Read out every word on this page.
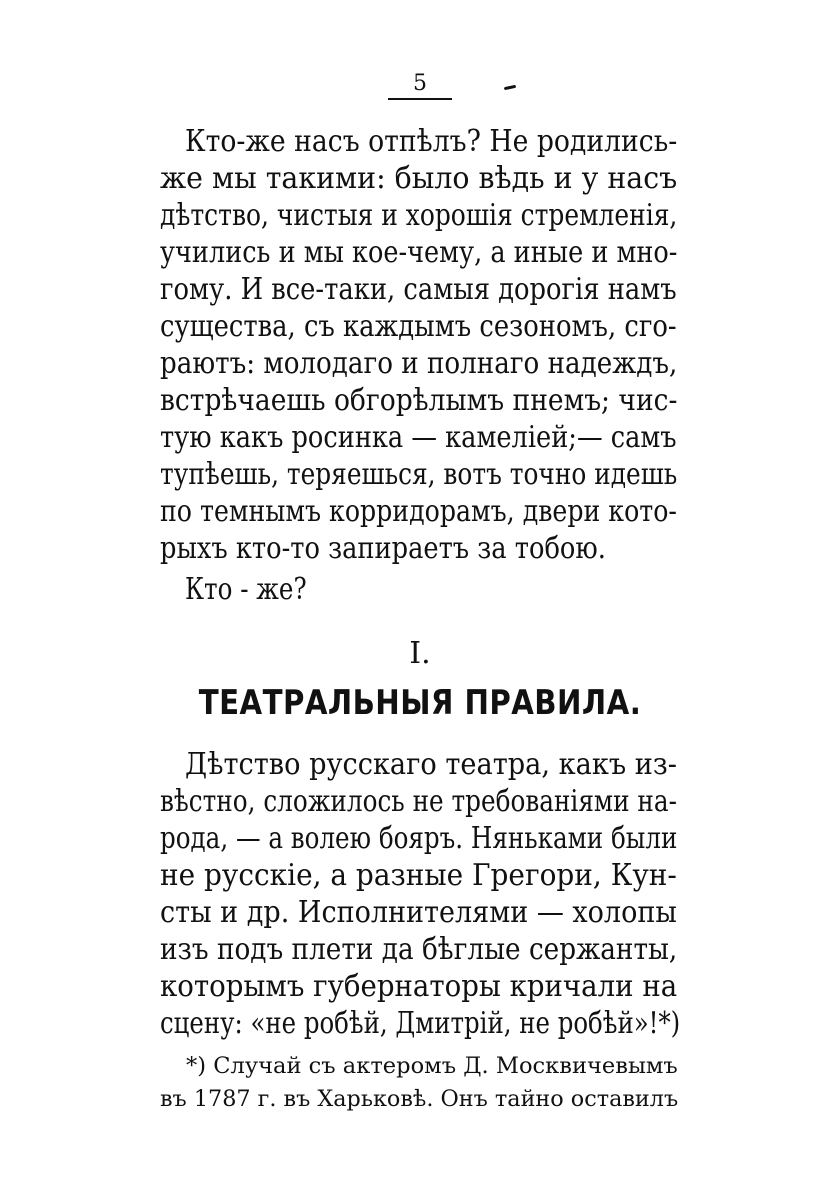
5
Кто-же насъ отпѣлъ? Не родились-
же мы такими: было вѣдь и у насъ
дѣтство, чистыя и хорошія стремленія,
учились и мы кое-чему, а иные и мно-
гому. И все-таки, самыя дорогія намъ
существа, съ каждымъ сезономъ, сго-
раютъ: молодаго и полнаго надеждъ,
встрѣчаешь обгорѣлымъ пнемъ; чис-
тую какъ росинка — камеліей;— самъ
тупѣешь, теряешься, вотъ точно идешь
по темнымъ корридорамъ, двери кото-
рыхъ кто-то запираетъ за тобою.
Кто - же?
I.
ТЕАТРАЛЬНЫЯ ПРАВИЛА.
Дѣтство русскаго театра, какъ из-
вѣстно, сложилось не требованіями на-
рода, — а волею бояръ. Няньками были
не русскіе, а разные Грегори, Кун-
сты и др. Исполнителями — холопы
изъ подъ плети да бѣглые сержанты,
которымъ губернаторы кричали на
сцену: «не робѣй, Дмитрій, не робѣй»!*)
*) Случай съ актеромъ Д. Москвичевымъ
въ 1787 г. въ Харьковѣ. Онъ тайно оставилъ
